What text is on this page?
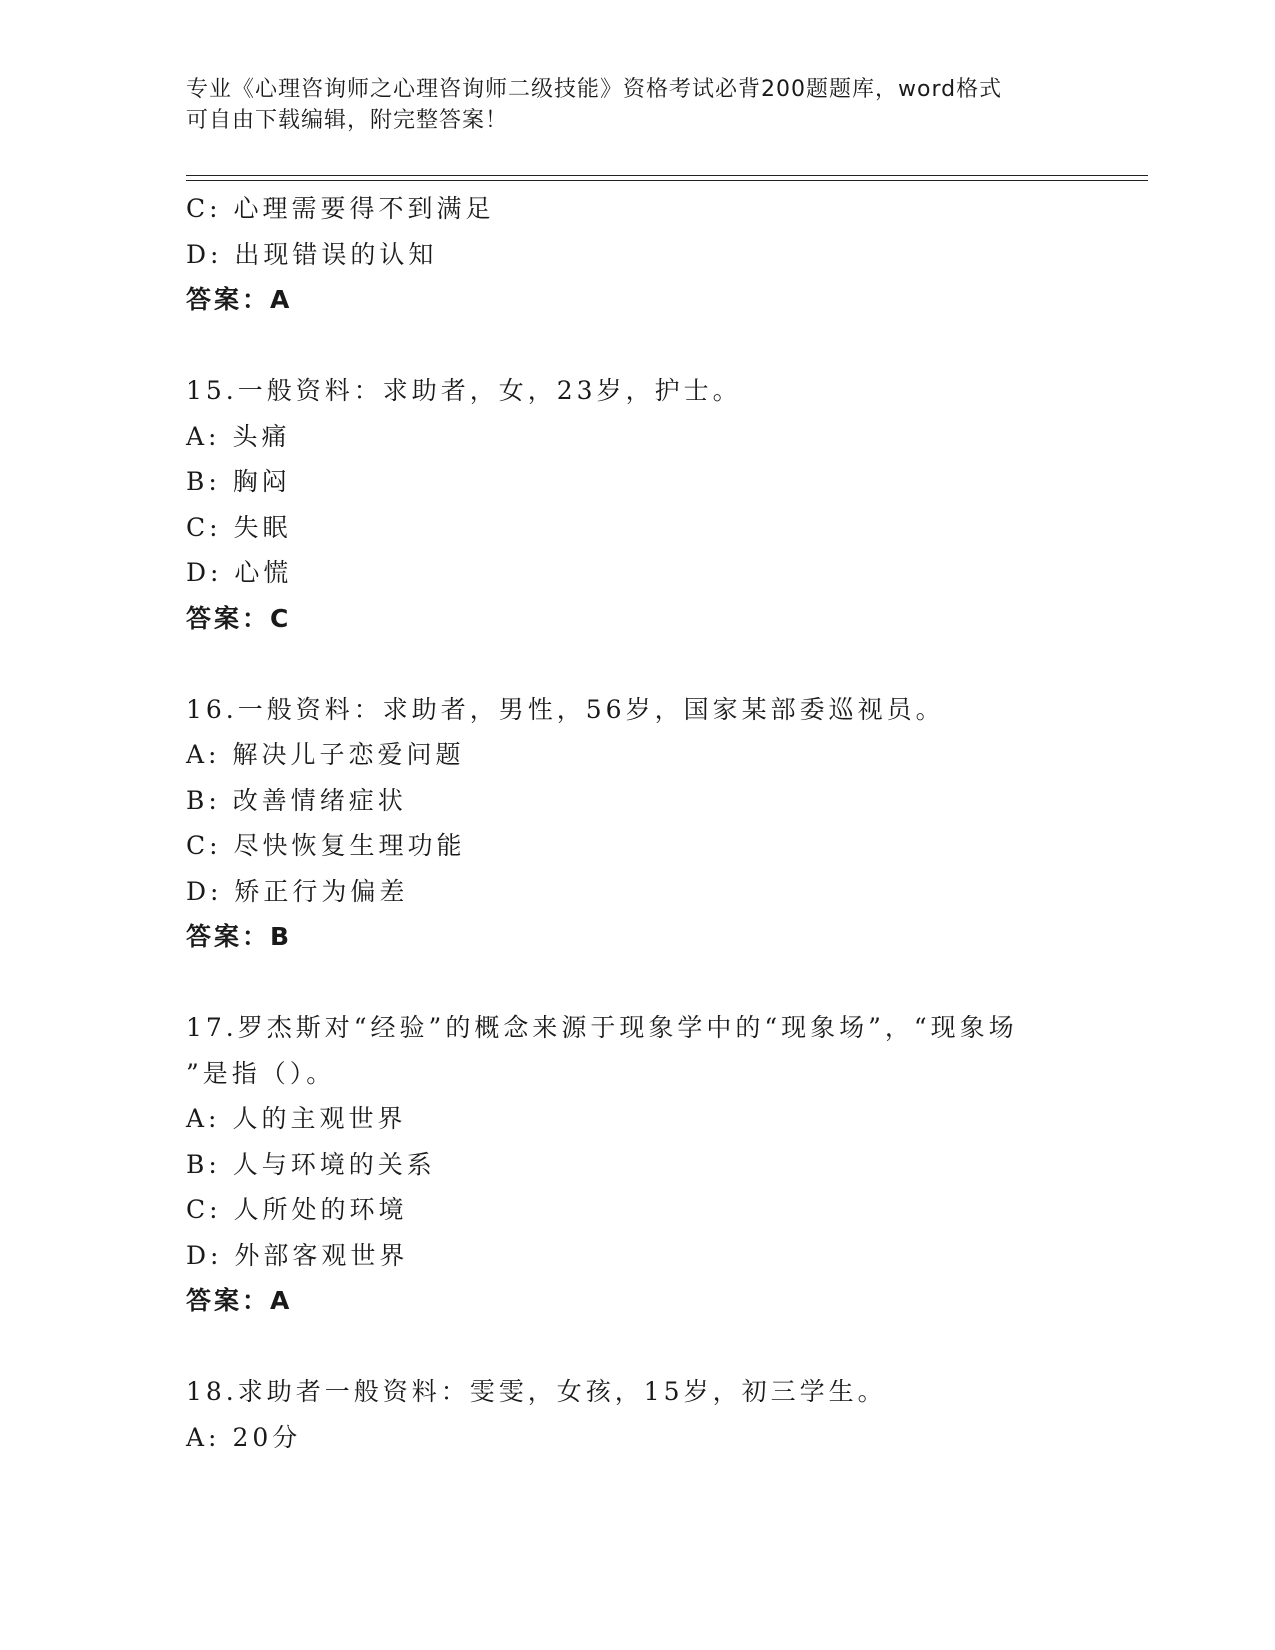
专业《心理咨询师之心理咨询师二级技能》资格考试必背200题题库，word格式
可自由下载编辑，附完整答案！
C: 心理需要得不到满足
D: 出现错误的认知
答案：A
15.一般资料：求助者，女，23岁，护士。
A: 头痛
B: 胸闷
C: 失眠
D: 心慌
答案：C
16.一般资料：求助者，男性，56岁，国家某部委巡视员。
A: 解决儿子恋爱问题
B: 改善情绪症状
C: 尽快恢复生理功能
D: 矫正行为偏差
答案：B
17.罗杰斯对“经验”的概念来源于现象学中的“现象场”，“现象场
”是指（）。
A: 人的主观世界
B: 人与环境的关系
C: 人所处的环境
D: 外部客观世界
答案：A
18.求助者一般资料：雯雯，女孩，15岁，初三学生。
A: 20分
